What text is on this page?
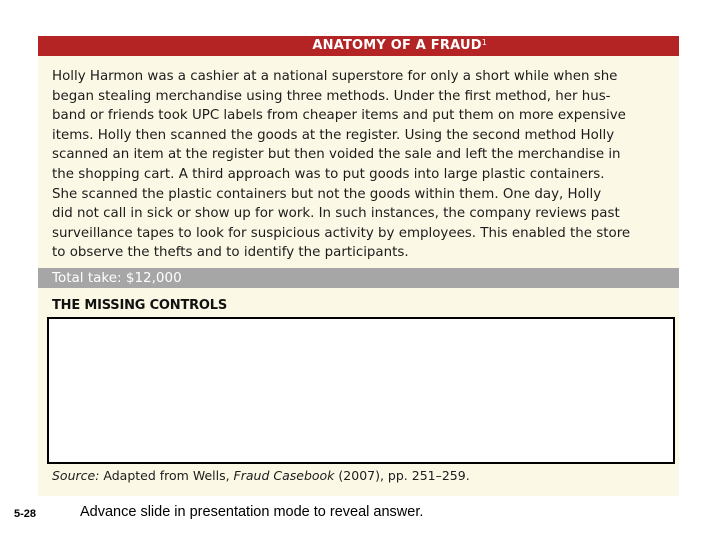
ANATOMY OF A FRAUD$^1$
Holly Harmon was a cashier at a national superstore for only a short while when she
began stealing merchandise using three methods. Under the first method, her hus-
band or friends took UPC labels from cheaper items and put them on more expensive
items. Holly then scanned the goods at the register. Using the second method Holly
scanned an item at the register but then voided the sale and left the merchandise in
the shopping cart. A third approach was to put goods into large plastic containers.
She scanned the plastic containers but not the goods within them. One day, Holly
did not call in sick or show up for work. In such instances, the company reviews past
surveillance tapes to look for suspicious activity by employees. This enabled the store
to observe the thefts and to identify the participants.
Total take: $12,000
THE MISSING CONTROLS
Source: Adapted from Wells, Fraud Casebook (2007), pp. 251–259.
5-28	Advance slide in presentation mode to reveal answer.
